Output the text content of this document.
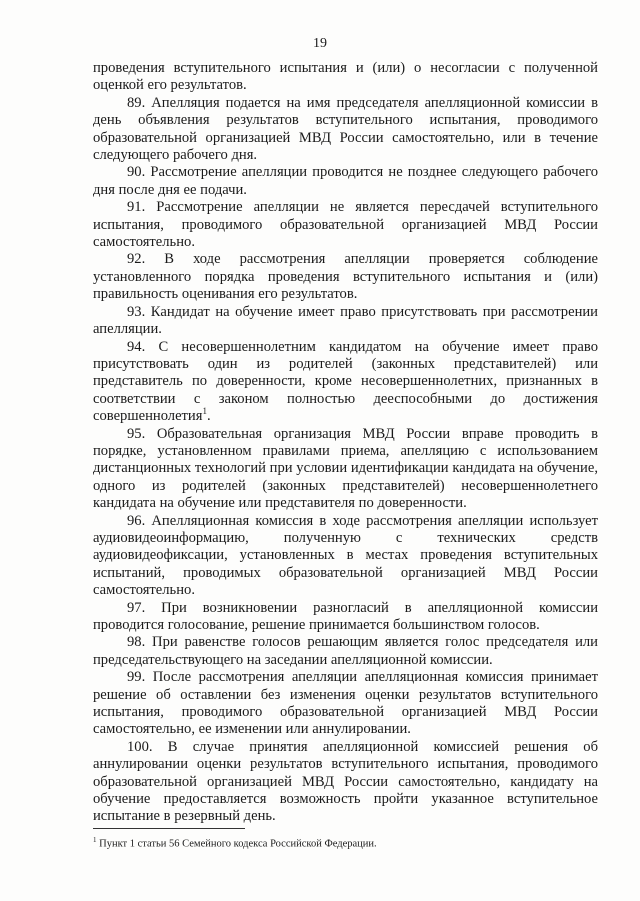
19

проведения вступительного испытания и (или) о несогласии с полученной оценкой его результатов.

89. Апелляция подается на имя председателя апелляционной комиссии в день объявления результатов вступительного испытания, проводимого образовательной организацией МВД России самостоятельно, или в течение следующего рабочего дня.

90. Рассмотрение апелляции проводится не позднее следующего рабочего дня после дня ее подачи.

91. Рассмотрение апелляции не является пересдачей вступительного испытания, проводимого образовательной организацией МВД России самостоятельно.

92. В ходе рассмотрения апелляции проверяется соблюдение установленного порядка проведения вступительного испытания и (или) правильность оценивания его результатов.

93. Кандидат на обучение имеет право присутствовать при рассмотрении апелляции.

94. С несовершеннолетним кандидатом на обучение имеет право присутствовать один из родителей (законных представителей) или представитель по доверенности, кроме несовершеннолетних, признанных в соответствии с законом полностью дееспособными до достижения совершеннолетия$^1$.

95. Образовательная организация МВД России вправе проводить в порядке, установленном правилами приема, апелляцию с использованием дистанционных технологий при условии идентификации кандидата на обучение, одного из родителей (законных представителей) несовершеннолетнего кандидата на обучение или представителя по доверенности.

96. Апелляционная комиссия в ходе рассмотрения апелляции использует аудиовидеоинформацию, полученную с технических средств аудиовидеофиксации, установленных в местах проведения вступительных испытаний, проводимых образовательной организацией МВД России самостоятельно.

97. При возникновении разногласий в апелляционной комиссии проводится голосование, решение принимается большинством голосов.

98. При равенстве голосов решающим является голос председателя или председательствующего на заседании апелляционной комиссии.

99. После рассмотрения апелляции апелляционная комиссия принимает решение об оставлении без изменения оценки результатов вступительного испытания, проводимого образовательной организацией МВД России самостоятельно, ее изменении или аннулировании.

100. В случае принятия апелляционной комиссией решения об аннулировании оценки результатов вступительного испытания, проводимого образовательной организацией МВД России самостоятельно, кандидату на обучение предоставляется возможность пройти указанное вступительное испытание в резервный день.

$^1$ Пункт 1 статьи 56 Семейного кодекса Российской Федерации.
